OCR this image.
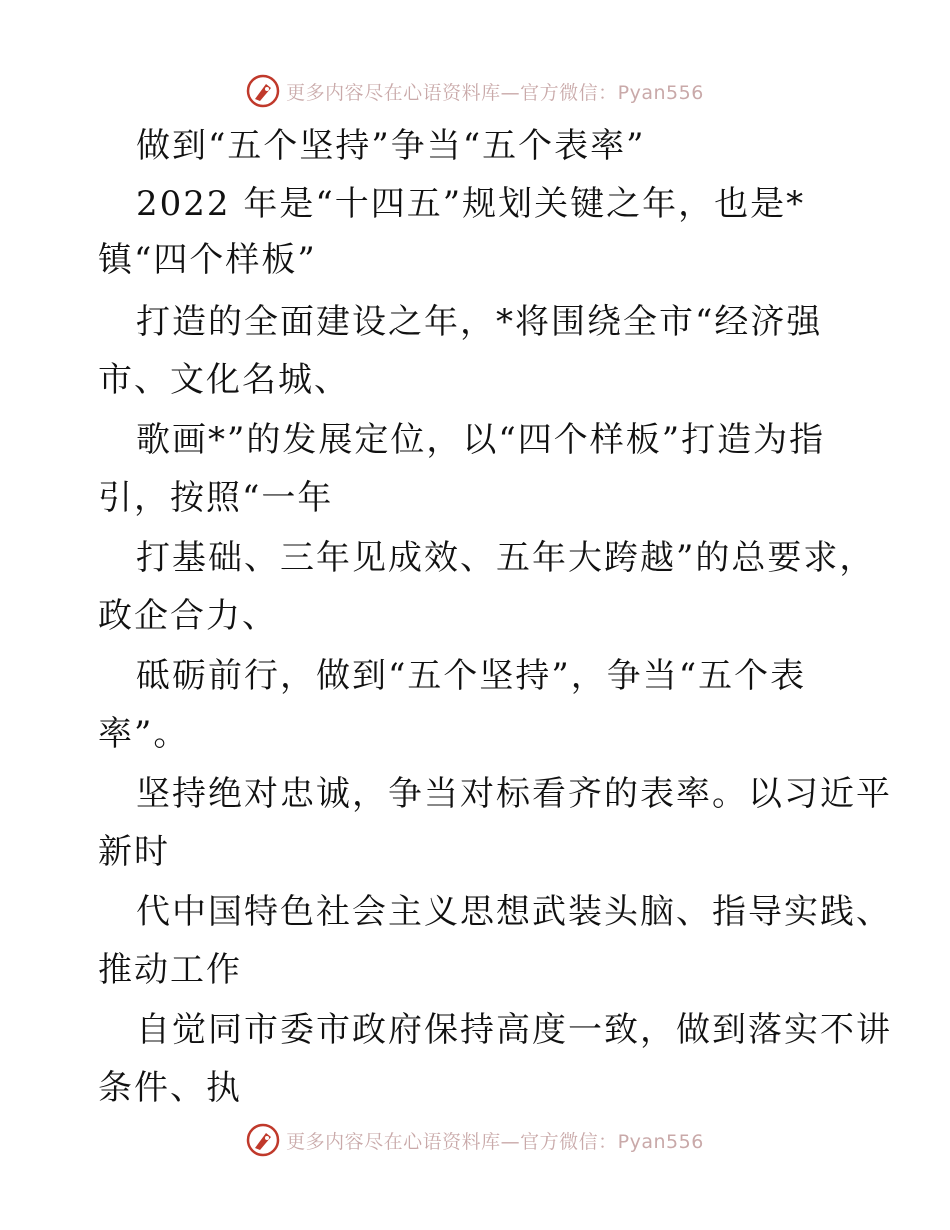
更多内容尽在心语资料库—官方微信：Pyan556
做到“五个坚持”争当“五个表率”
2022 年是“十四五”规划关键之年，也是*
镇“四个样板”
打造的全面建设之年，*将围绕全市“经济强
市、文化名城、
歌画*”的发展定位，以“四个样板”打造为指
引，按照“一年
打基础、三年见成效、五年大跨越”的总要求，
政企合力、
砥砺前行，做到“五个坚持”，争当“五个表
率”。
坚持绝对忠诚，争当对标看齐的表率。以习近平
新时
代中国特色社会主义思想武装头脑、指导实践、
推动工作
自觉同市委市政府保持高度一致，做到落实不讲
条件、执
更多内容尽在心语资料库—官方微信：Pyan556
